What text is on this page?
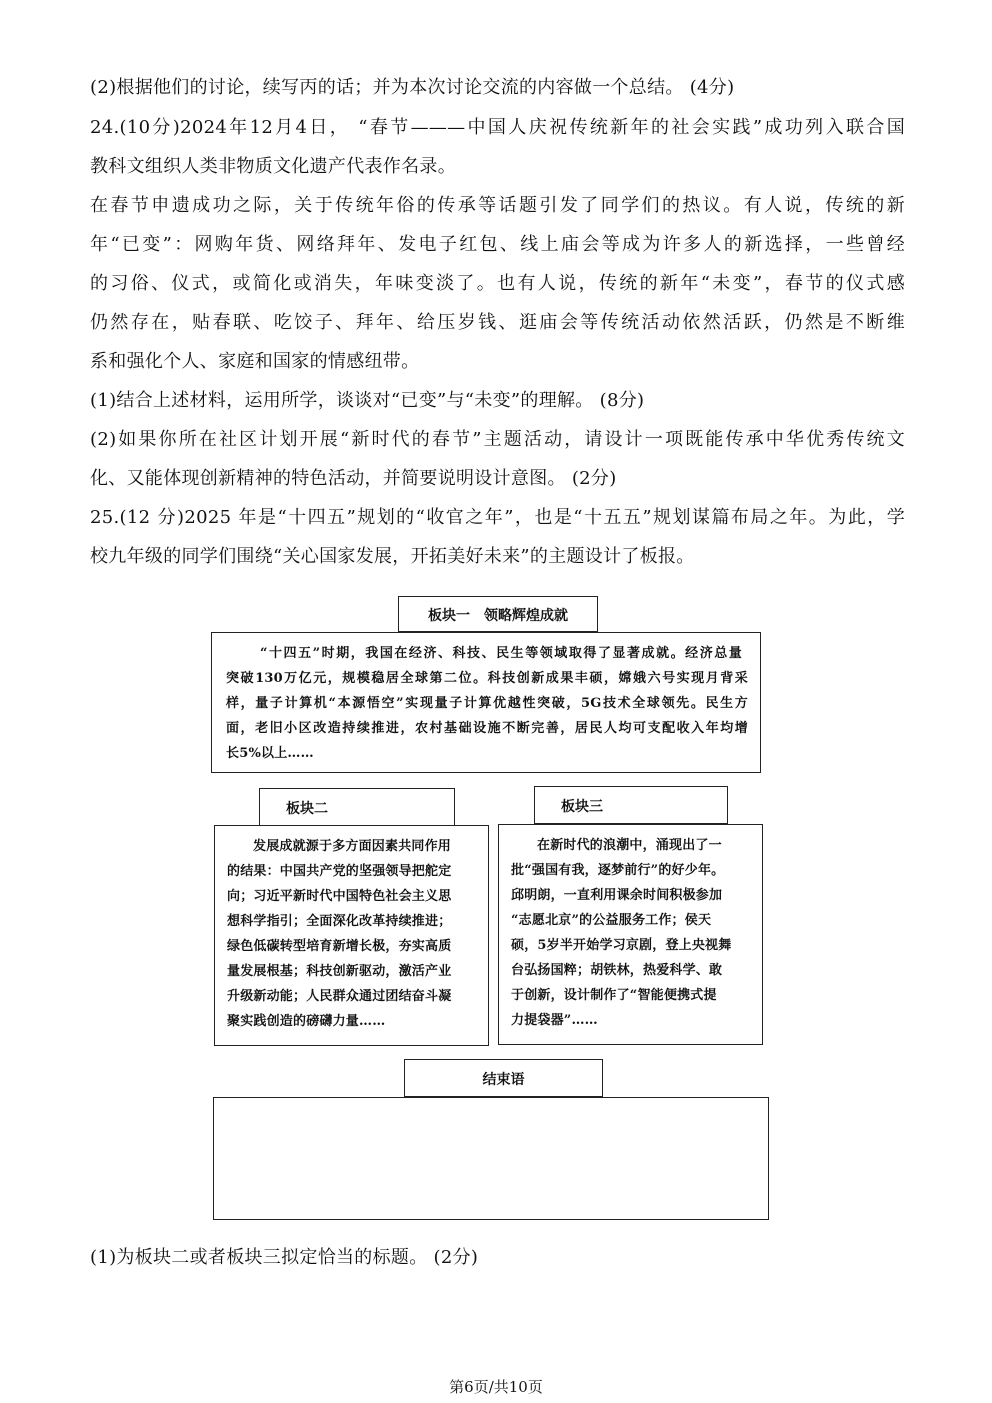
(2)根据他们的讨论，续写丙的话；并为本次讨论交流的内容做一个总结。 (4分)
24.(10分)2024年12月4日， “春节———中国人庆祝传统新年的社会实践”成功列入联合国
教科文组织人类非物质文化遗产代表作名录。
在春节申遗成功之际，关于传统年俗的传承等话题引发了同学们的热议。有人说，传统的新
年“已变”：网购年货、网络拜年、发电子红包、线上庙会等成为许多人的新选择，一些曾经
的习俗、仪式，或简化或消失，年味变淡了。也有人说，传统的新年“未变”，春节的仪式感
仍然存在，贴春联、吃饺子、拜年、给压岁钱、逛庙会等传统活动依然活跃，仍然是不断维
系和强化个人、家庭和国家的情感纽带。
(1)结合上述材料，运用所学，谈谈对“已变”与“未变”的理解。 (8分)
(2)如果你所在社区计划开展“新时代的春节”主题活动，请设计一项既能传承中华优秀传统文
化、又能体现创新精神的特色活动，并简要说明设计意图。 (2分)
25.(12 分)2025 年是“十四五”规划的“收官之年”，也是“十五五”规划谋篇布局之年。为此，学
校九年级的同学们围绕“关心国家发展，开拓美好未来”的主题设计了板报。
板块一　领略辉煌成就
“十四五”时期，我国在经济、科技、民生等领域取得了显著成就。经济总量
突破130万亿元，规模稳居全球第二位。科技创新成果丰硕，嫦娥六号实现月背采
样，量子计算机“本源悟空”实现量子计算优越性突破，5G技术全球领先。民生方
面，老旧小区改造持续推进，农村基础设施不断完善，居民人均可支配收入年均增
长5%以上……
板块二
发展成就源于多方面因素共同作用
的结果：中国共产党的坚强领导把舵定
向；习近平新时代中国特色社会主义思
想科学指引；全面深化改革持续推进；
绿色低碳转型培育新增长极，夯实高质
量发展根基；科技创新驱动，激活产业
升级新动能；人民群众通过团结奋斗凝
聚实践创造的磅礴力量……
板块三
在新时代的浪潮中，涌现出了一
批“强国有我，逐梦前行”的好少年。
邱明朗，一直利用课余时间积极参加
“志愿北京”的公益服务工作；侯天
硕，5岁半开始学习京剧，登上央视舞
台弘扬国粹；胡铁林，热爱科学、敢
于创新，设计制作了“智能便携式提
力提袋器”……
结束语
(1)为板块二或者板块三拟定恰当的标题。 (2分)
第6页/共10页
